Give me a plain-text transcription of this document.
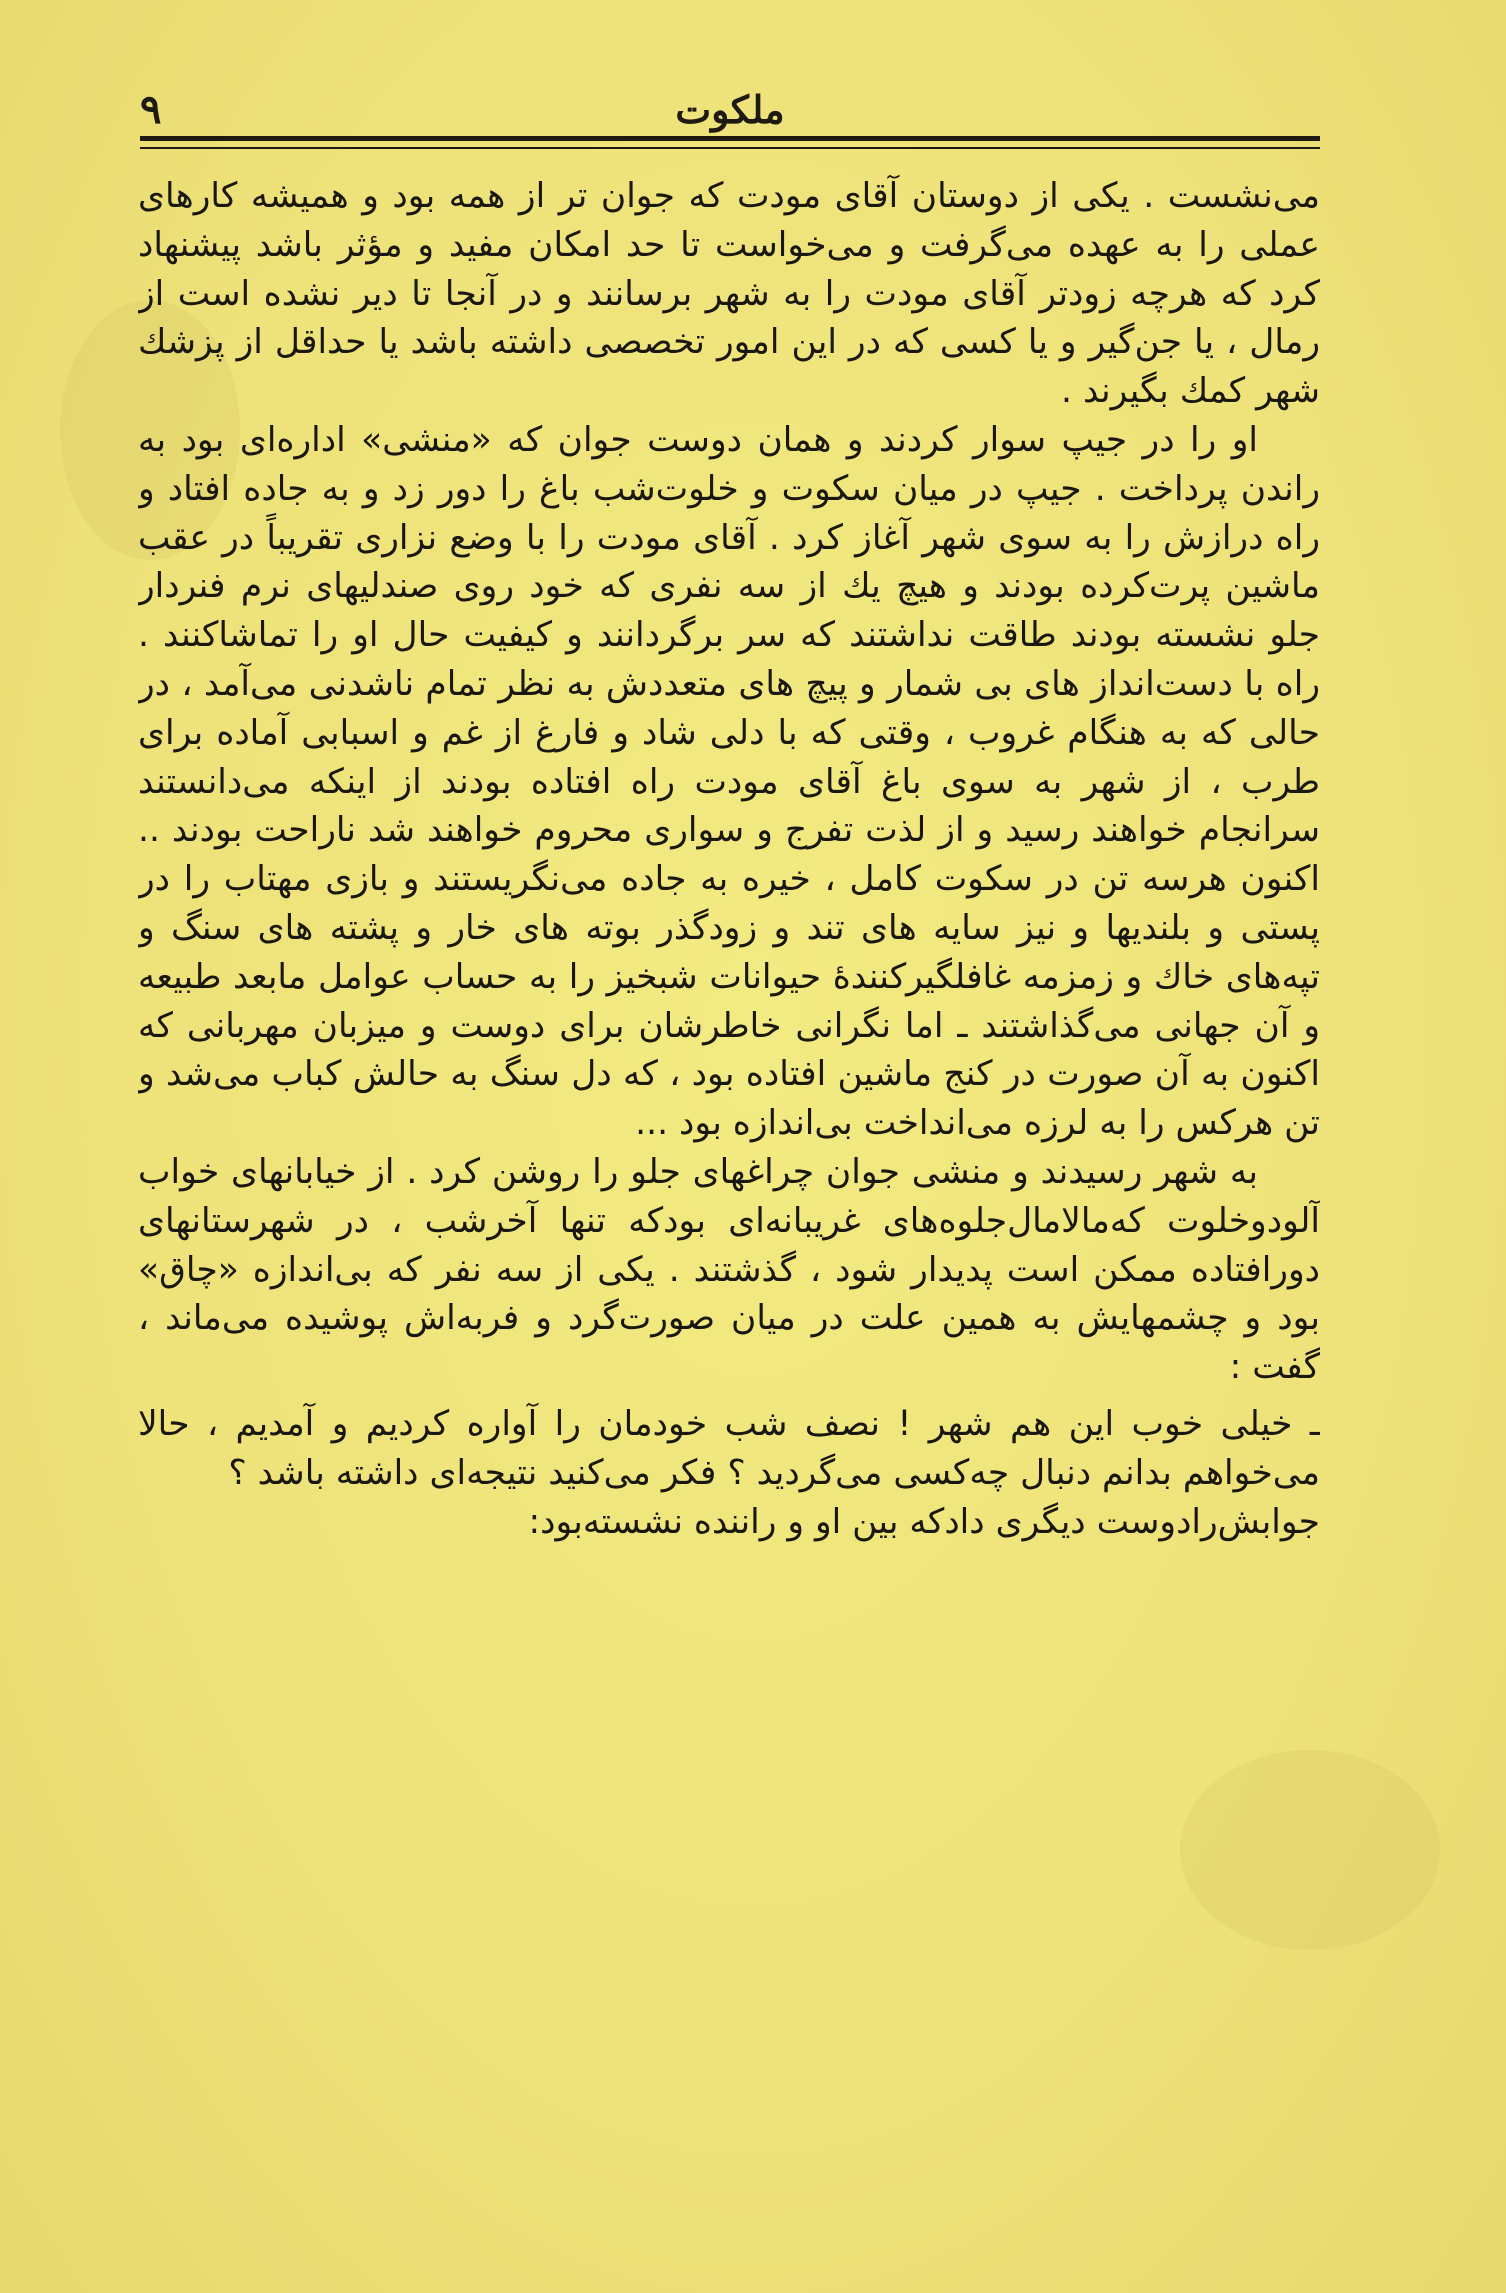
۹	ملکوت

می‌نشست . یکی از دوستان آقای مودت که جوان تر از همه بود و همیشه کارهای عملی را به عهده می‌گرفت و می‌خواست تا حد امکان مفید و مؤثر باشد پیشنهاد کرد که هرچه زودتر آقای مودت را به شهر برسانند و در آنجا تا دیر نشده است از رمال ، یا جن‌گیر و یا کسی که در این امور تخصصی داشته باشد یا حداقل از پزشك شهر کمك بگیرند .

او را در جیپ سوار کردند و همان دوست جوان که «منشی» اداره‌ای بود به راندن پرداخت . جیپ در میان سکوت و خلوت‌شب باغ را دور زد و به جاده افتاد و راه درازش را به سوی شهر آغاز کرد . آقای مودت را با وضع نزاری تقریباً در عقب ماشین پرت‌کرده بودند و هیچ یك از سه نفری که خود روی صندلیهای نرم فنردار جلو نشسته بودند طاقت نداشتند که سر برگردانند و کیفیت حال او را تماشاکنند . راه با دست‌انداز های بی شمار و پیچ های متعددش به نظر تمام ناشدنی می‌آمد ، در حالی که به هنگام غروب ، وقتی که با دلی شاد و فارغ از غم و اسبابی آماده برای طرب ، از شهر به سوی باغ آقای مودت راه افتاده بودند از اینکه می‌دانستند سرانجام خواهند رسید و از لذت تفرج و سواری محروم خواهند شد ناراحت بودند .. اکنون هرسه تن در سکوت کامل ، خیره به جاده می‌نگریستند و بازی مهتاب را در پستی و بلندیها و نیز سایه های تند و زودگذر بوته های خار و پشته های سنگ و تپه‌های خاك و زمزمه غافلگیرکنندهٔ حیوانات شبخیز را به حساب عوامل مابعد طبیعه و آن جهانی می‌گذاشتند ـ اما نگرانی خاطرشان برای دوست و میزبان مهربانی که اکنون به آن صورت در کنج ماشین افتاده بود ، که دل سنگ به حالش کباب می‌شد و تن هرکس را به لرزه می‌انداخت بی‌اندازه بود ...

به شهر رسیدند و منشی جوان چراغهای جلو را روشن کرد . از خیابانهای خواب آلودوخلوت که‌مالامال‌جلوه‌های غریبانه‌ای بودکه تنها آخرشب ، در شهرستانهای دورافتاده ممکن است پدیدار شود ، گذشتند . یکی از سه نفر که بی‌اندازه «چاق» بود و چشمهایش به همین علت در میان صورت‌گرد و فربه‌اش پوشیده می‌ماند ، گفت :

ـ خیلی خوب این هم شهر ! نصف شب خودمان را آواره کردیم و آمدیم ، حالا می‌خواهم بدانم دنبال چه‌کسی می‌گردید ؟ فکر می‌کنید نتیجه‌ای داشته باشد ؟

جوابش‌رادوست دیگری دادکه بین او و راننده نشسته‌بود:
